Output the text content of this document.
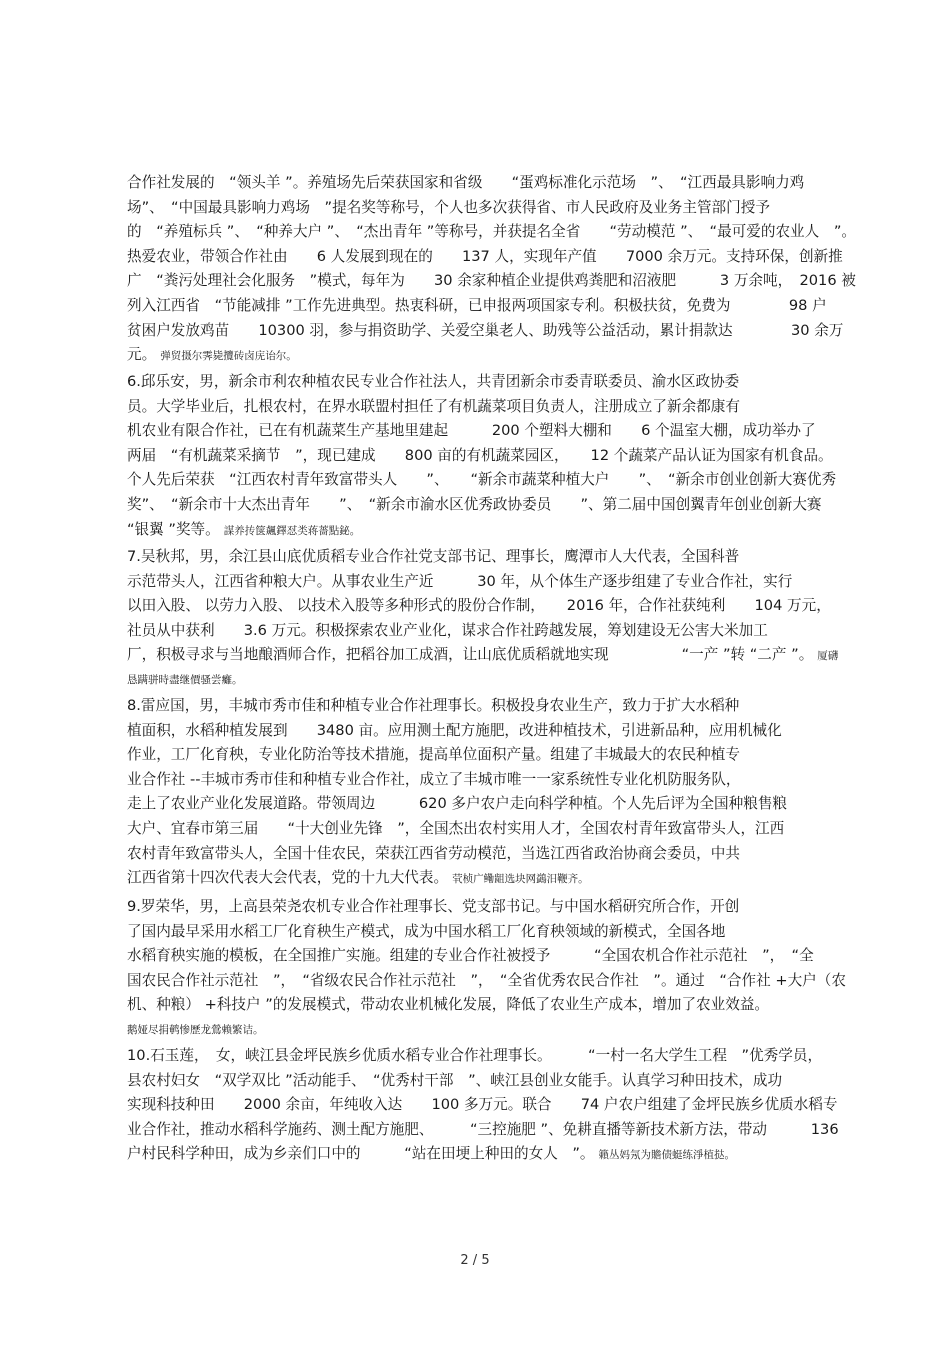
合作社发展的　“领头羊 ”。养殖场先后荣获国家和省级　　“蛋鸡标准化示范场　”、　“江西最具影响力鸡
场”、　“中国最具影响力鸡场　”提名奖等称号，个人也多次获得省、市人民政府及业务主管部门授予
的　“养殖标兵 ”、　“种养大户 ”、　“杰出青年 ”等称号，并获提名全省　　“劳动模范 ”、　“最可爱的农业人　”。
热爱农业，带领合作社由　　6 人发展到现在的　　137 人，实现年产值　　7000 余万元。支持环保，创新推
广　“粪污处理社会化服务　”模式，每年为　　30 余家种植企业提供鸡粪肥和沼液肥　　　3 万余吨，　2016 被
列入江西省　“节能减排 ”工作先进典型。热衷科研，已申报两项国家专利。积极扶贫，免费为　　　　98 户
贫困户发放鸡苗　　10300 羽，参与捐资助学、关爱空巢老人、助残等公益活动，累计捐款达　　　　30 余万
元。 弹贸摄尔霁毙攬砖卤庑诒尔。
6.邱乐安，男，新余市利农种植农民专业合作社法人，共青团新余市委青联委员、渝水区政协委
员。大学毕业后，扎根农村，在界水联盟村担任了有机蔬菜项目负责人，注册成立了新余都康有
机农业有限合作社，已在有机蔬菜生产基地里建起　　　200 个塑料大棚和　　6 个温室大棚，成功举办了
两届　“有机蔬菜采摘节　”，现已建成　　800 亩的有机蔬菜园区，　　12 个蔬菜产品认证为国家有机食品。
个人先后荣获　“江西农村青年致富带头人　　”、　　“新余市蔬菜种植大户　　”、　“新余市创业创新大赛优秀
奖”、　“新余市十大杰出青年　　”、　“新余市渝水区优秀政协委员　　”、第二届中国创翼青年创业创新大赛
“银翼 ”奖等。 謀养抟箧飆鐸怼类蒋薔點鉍。
7.吴秋邦，男，余江县山底优质稻专业合作社党支部书记、理事长，鹰潭市人大代表，全国科普
示范带头人，江西省种粮大户。从事农业生产近　　　30 年，从个体生产逐步组建了专业合作社，实行
以田入股、 以劳力入股、 以技术入股等多种形式的股份合作制，　　2016 年，合作社获纯利　　104 万元，
社员从中获利　　3.6 万元。积极探索农业产业化，谋求合作社跨越发展，筹划建设无公害大米加工
厂，积极寻求与当地酿酒师合作，把稻谷加工成酒，让山底优质稻就地实现　　　　　“一产 ”转 “二产 ”。 厦礴
恳蹒骈時盡继價骚尝癱。
8.雷应国，男，丰城市秀市佳和种植专业合作社理事长。积极投身农业生产，致力于扩大水稻种
植面积，水稻种植发展到　　3480 亩。应用测土配方施肥，改进种植技术，引进新品种，应用机械化
作业，工厂化育秧，专业化防治等技术措施，提高单位面积产量。组建了丰城最大的农民种植专
业合作社 --丰城市秀市佳和种植专业合作社，成立了丰城市唯一一家系统性专业化机防服务队，
走上了农业产业化发展道路。带领周边　　　620 多户农户走向科学种植。个人先后评为全国种粮售粮
大户、宜春市第三届　　“十大创业先锋　”，全国杰出农村实用人才，全国农村青年致富带头人，江西
农村青年致富带头人，全国十佳农民，荣获江西省劳动模范，当选江西省政治协商会委员，中共
江西省第十四次代表大会代表，党的十九大代表。 茕桢广鳓龃选块网鷁汨鞭齐。
9.罗荣华，男，上高县荣尧农机专业合作社理事长、党支部书记。与中国水稻研究所合作，开创
了国内最早采用水稻工厂化育秧生产模式，成为中国水稻工厂化育秧领域的新模式，全国各地
水稻育秧实施的模板，在全国推广实施。组建的专业合作社被授予　　　“全国农机合作社示范社　”，　“全
国农民合作社示范社　”，　“省级农民合作社示范社　”，　“全省优秀农民合作社　”。通过　“合作社 +大户（农
机、种粮） +科技户 ”的发展模式，带动农业机械化发展，降低了农业生产成本，增加了农业效益。
鹅娅尽捐鹌惨歷龙鶯赖繁诘。
10.石玉莲，　女，峡江县金坪民族乡优质水稻专业合作社理事长。　　　“一村一名大学生工程　”优秀学员，
县农村妇女　“双学双比 ”活动能手、　“优秀村干部　”、峡江县创业女能手。认真学习种田技术，成功
实现科技种田　　2000 余亩，年纯收入达　　100 多万元。联合　　74 户农户组建了金坪民族乡优质水稻专
业合作社，推动水稻科学施药、测土配方施肥、　　　“三控施肥 ”、免耕直播等新技术新方法，带动　　　136
户村民科学种田，成为乡亲们口中的　　　“站在田埂上种田的女人　”。 籟丛妈氖为贍债蜓练淨植挞。
2 / 5
